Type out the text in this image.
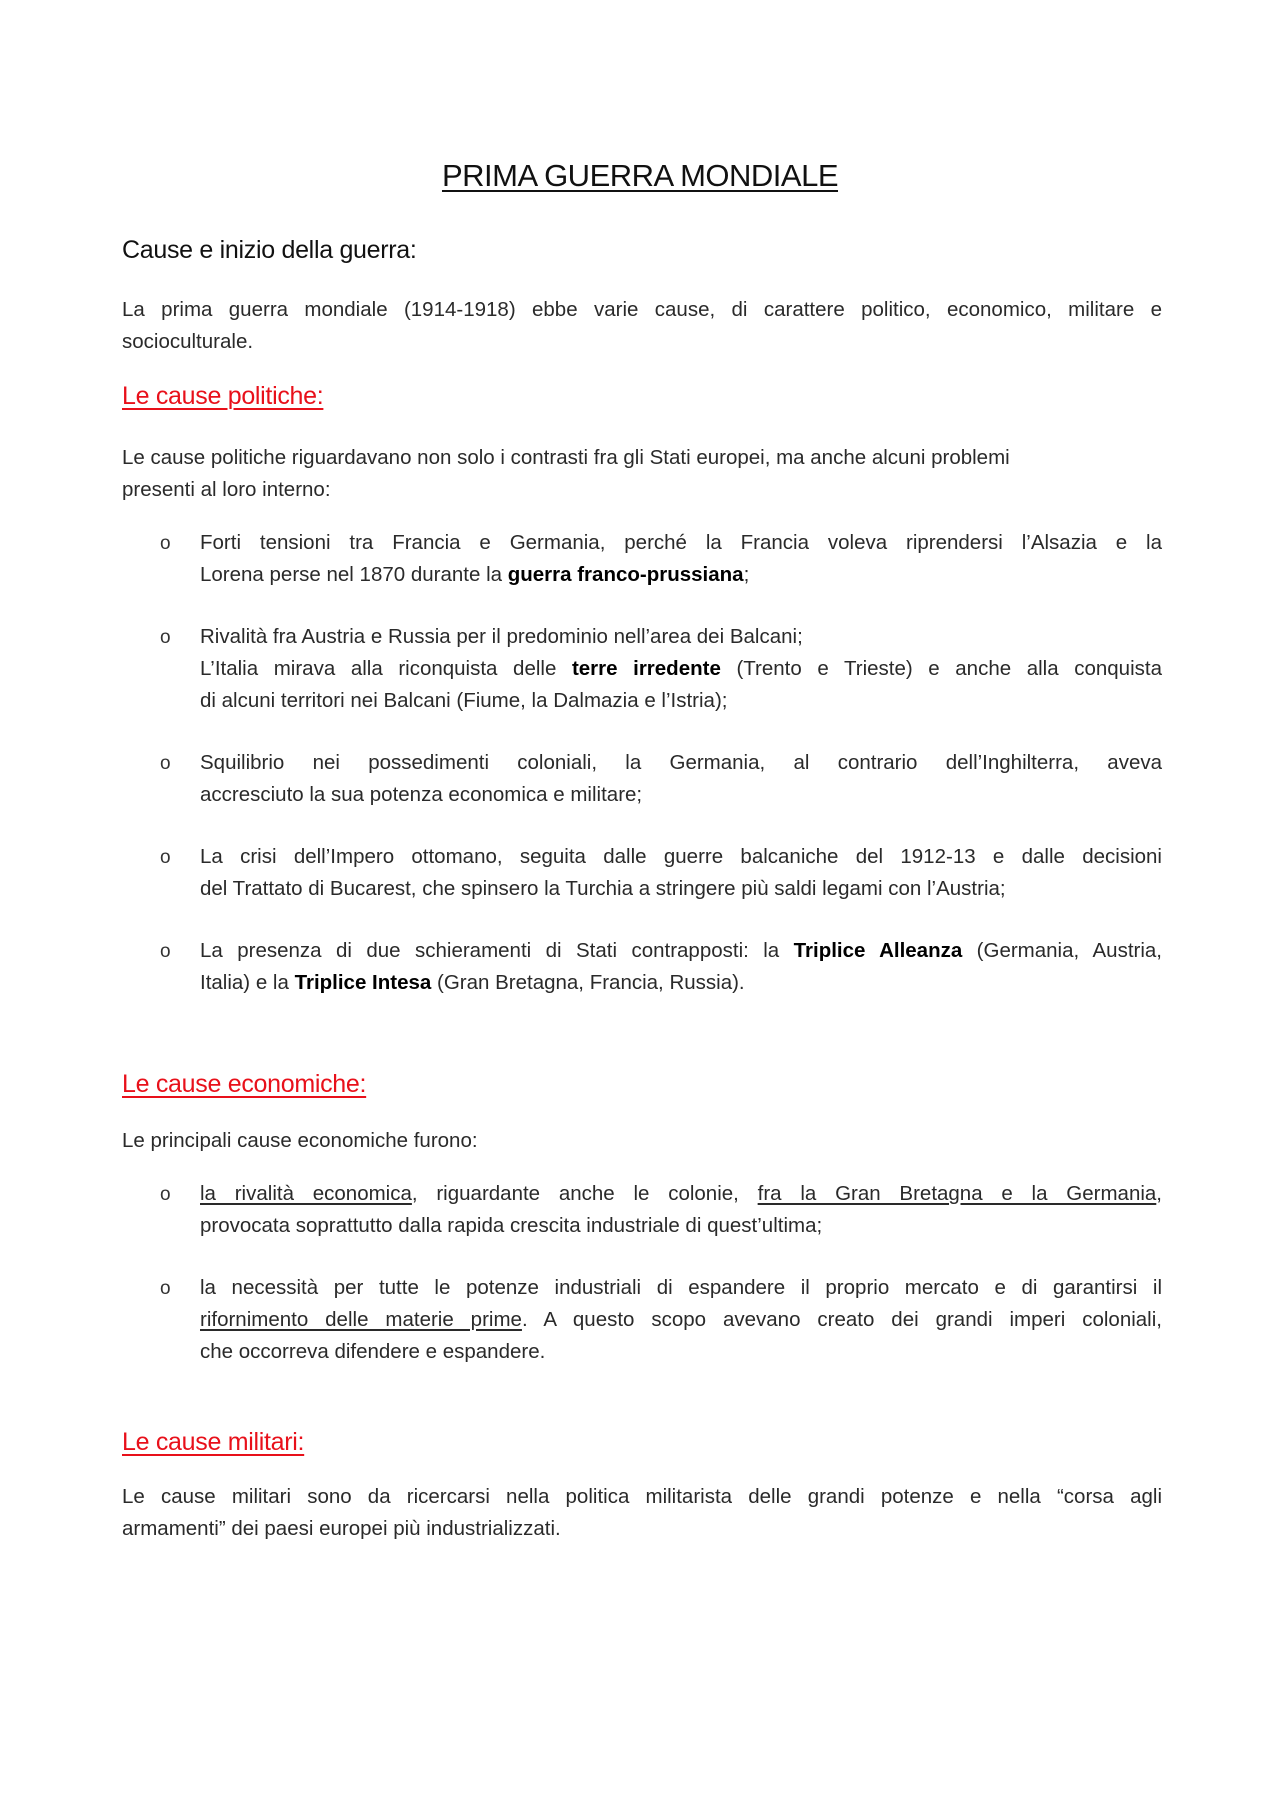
PRIMA GUERRA MONDIALE
Cause e inizio della guerra:
La prima guerra mondiale (1914-1918) ebbe varie cause, di carattere politico, economico, militare e
socioculturale.
Le cause politiche:
Le cause politiche riguardavano non solo i contrasti fra gli Stati europei, ma anche alcuni problemi
presenti al loro interno:
o Forti tensioni tra Francia e Germania, perché la Francia voleva riprendersi l’Alsazia e la
Lorena perse nel 1870 durante la guerra franco-prussiana;
o Rivalità fra Austria e Russia per il predominio nell’area dei Balcani;
L’Italia mirava alla riconquista delle terre irredente (Trento e Trieste) e anche alla conquista
di alcuni territori nei Balcani (Fiume, la Dalmazia e l’Istria);
o Squilibrio nei possedimenti coloniali, la Germania, al contrario dell’Inghilterra, aveva
accresciuto la sua potenza economica e militare;
o La crisi dell’Impero ottomano, seguita dalle guerre balcaniche del 1912-13 e dalle decisioni
del Trattato di Bucarest, che spinsero la Turchia a stringere più saldi legami con l’Austria;
o La presenza di due schieramenti di Stati contrapposti: la Triplice Alleanza (Germania, Austria,
Italia) e la Triplice Intesa (Gran Bretagna, Francia, Russia).
Le cause economiche:
Le principali cause economiche furono:
o la rivalità economica, riguardante anche le colonie, fra la Gran Bretagna e la Germania,
provocata soprattutto dalla rapida crescita industriale di quest’ultima;
o la necessità per tutte le potenze industriali di espandere il proprio mercato e di garantirsi il
rifornimento delle materie prime. A questo scopo avevano creato dei grandi imperi coloniali,
che occorreva difendere e espandere.
Le cause militari:
Le cause militari sono da ricercarsi nella politica militarista delle grandi potenze e nella “corsa agli
armamenti” dei paesi europei più industrializzati.
